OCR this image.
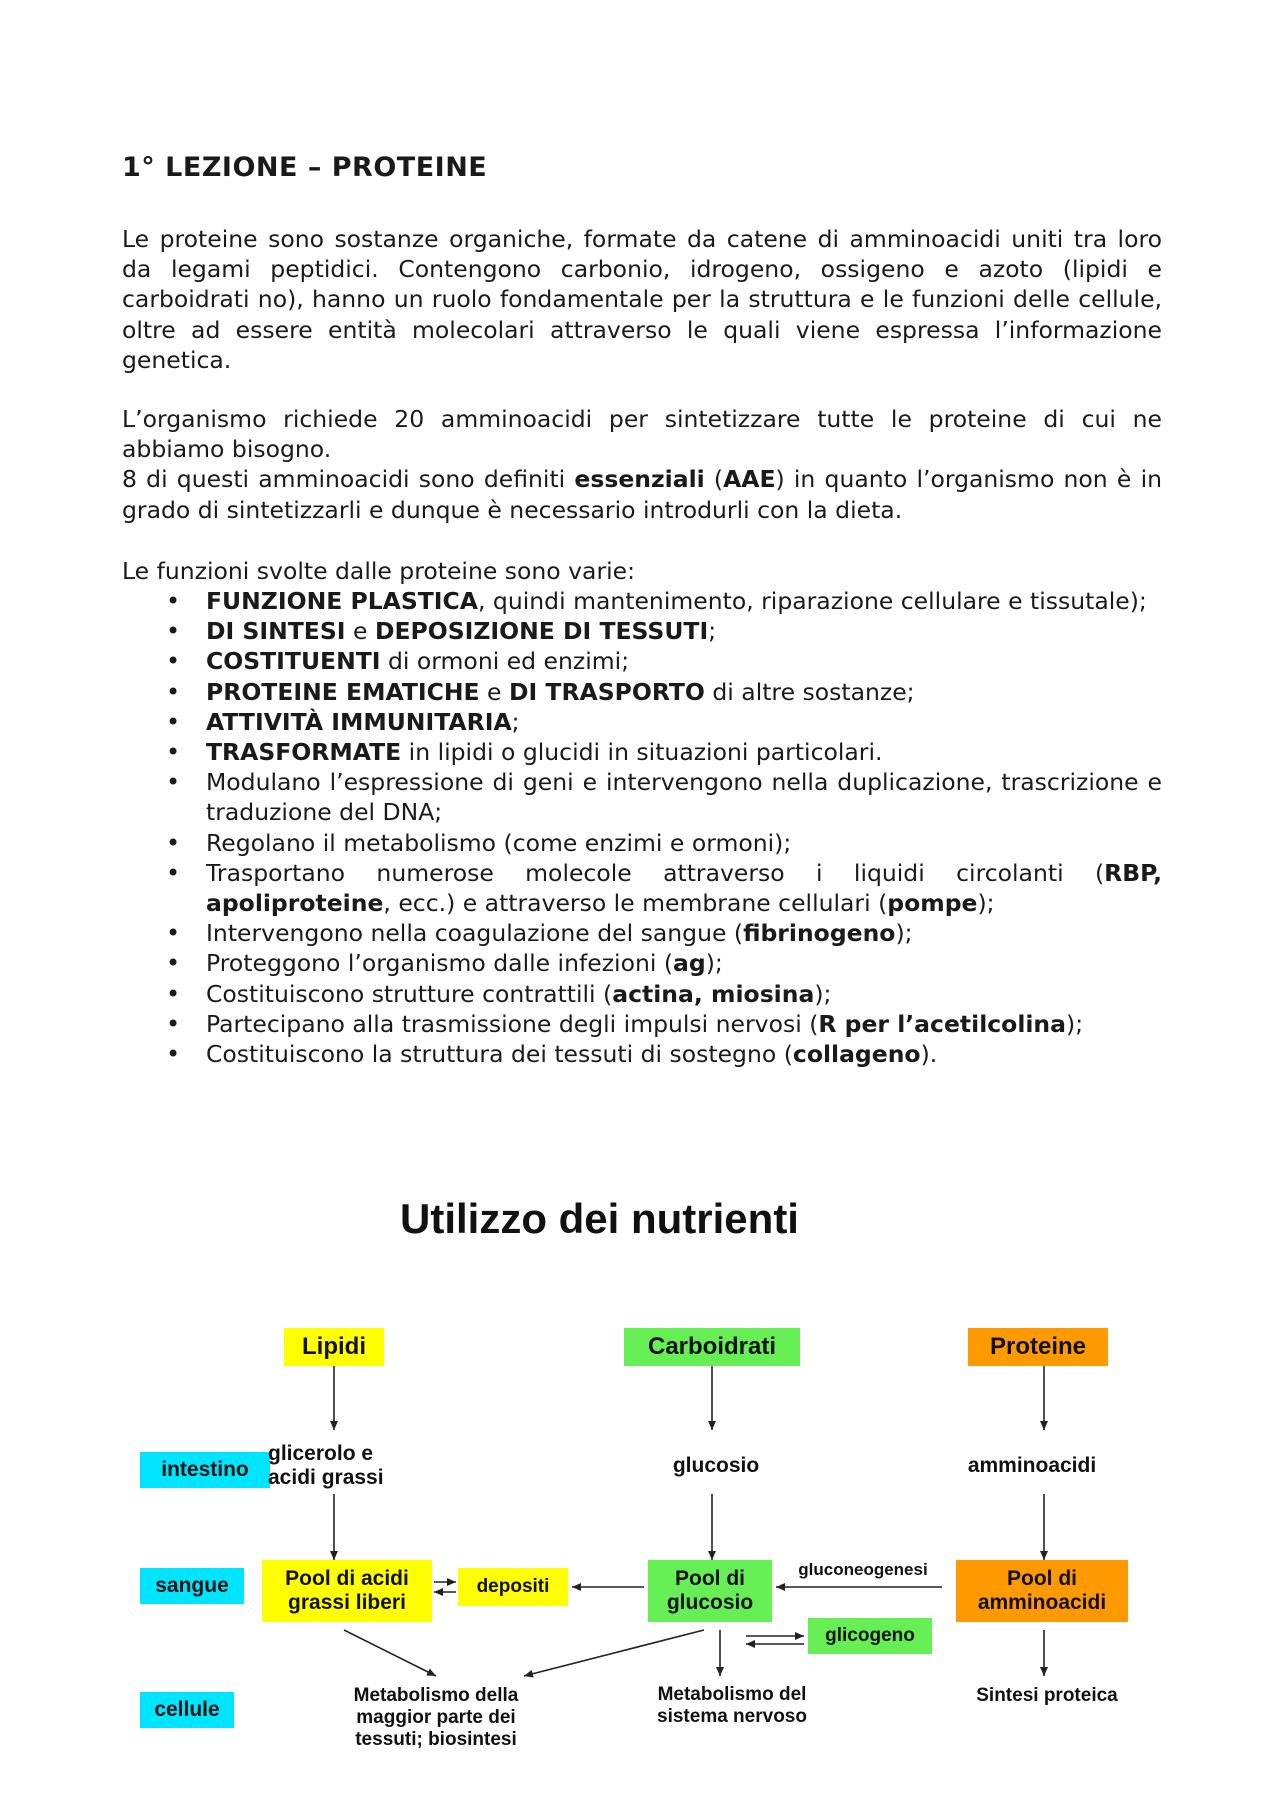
1° LEZIONE – PROTEINE

Le proteine sono sostanze organiche, formate da catene di amminoacidi uniti tra loro da legami peptidici. Contengono carbonio, idrogeno, ossigeno e azoto (lipidi e carboidrati no), hanno un ruolo fondamentale per la struttura e le funzioni delle cellule, oltre ad essere entità molecolari attraverso le quali viene espressa l’informazione genetica.

L’organismo richiede 20 amminoacidi per sintetizzare tutte le proteine di cui ne abbiamo bisogno.
8 di questi amminoacidi sono definiti essenziali (AAE) in quanto l’organismo non è in grado di sintetizzarli e dunque è necessario introdurli con la dieta.

Le funzioni svolte dalle proteine sono varie:

• FUNZIONE PLASTICA, quindi mantenimento, riparazione cellulare e tissutale);
• DI SINTESI e DEPOSIZIONE DI TESSUTI;
• COSTITUENTI di ormoni ed enzimi;
• PROTEINE EMATICHE e DI TRASPORTO di altre sostanze;
• ATTIVITÀ IMMUNITARIA;
• TRASFORMATE in lipidi o glucidi in situazioni particolari.
• Modulano l’espressione di geni e intervengono nella duplicazione, trascrizione e traduzione del DNA;
• Regolano il metabolismo (come enzimi e ormoni);
• Trasportano numerose molecole attraverso i liquidi circolanti (RBP, apoliproteine, ecc.) e attraverso le membrane cellulari (pompe);
• Intervengono nella coagulazione del sangue (fibrinogeno);
• Proteggono l’organismo dalle infezioni (ag);
• Costituiscono strutture contrattili (actina, miosina);
• Partecipano alla trasmissione degli impulsi nervosi (R per l’acetilcolina);
• Costituiscono la struttura dei tessuti di sostegno (collageno).
Utilizzo dei nutrienti
Lipidi	Carboidrati	Proteine
intestino
sangue
cellule
glicerolo e
acidi grassi
glucosio	amminoacidi
Pool di acidi
grassi liberi
depositi	Pool di
glucosio
gluconeogenesi
glicogeno
Pool di
amminoacidi
Metabolismo della
maggior parte dei
tessuti; biosintesi
Metabolismo del
sistema nervoso
Sintesi proteica
